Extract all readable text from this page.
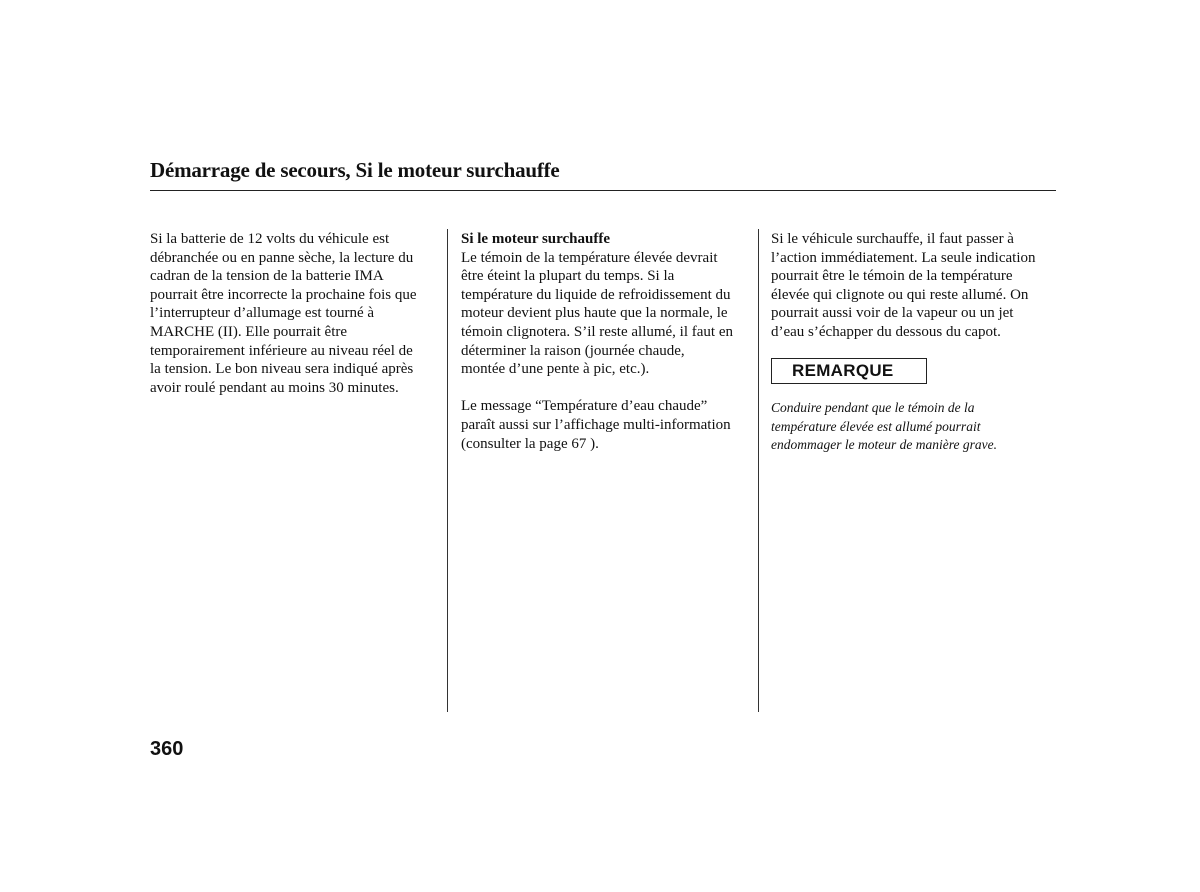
Démarrage de secours, Si le moteur surchauffe

Si la batterie de 12 volts du véhicule est
débranchée ou en panne sèche, la lecture du
cadran de la tension de la batterie IMA
pourrait être incorrecte la prochaine fois que
l’interrupteur d’allumage est tourné à
MARCHE (II). Elle pourrait être
temporairement inférieure au niveau réel de
la tension. Le bon niveau sera indiqué après
avoir roulé pendant au moins 30 minutes.

Si le moteur surchauffe

Le témoin de la température élevée devrait
être éteint la plupart du temps. Si la
température du liquide de refroidissement du
moteur devient plus haute que la normale, le
témoin clignotera. S’il reste allumé, il faut en
déterminer la raison (journée chaude,
montée d’une pente à pic, etc.).

Le message “Température d’eau chaude”
paraît aussi sur l’affichage multi-information
(consulter la page 67 ).

Si le véhicule surchauffe, il faut passer à
l’action immédiatement. La seule indication
pourrait être le témoin de la température
élevée qui clignote ou qui reste allumé. On
pourrait aussi voir de la vapeur ou un jet
d’eau s’échapper du dessous du capot.

REMARQUE
Conduire pendant que le témoin de la
température élevée est allumé pourrait
endommager le moteur de manière grave.
360
